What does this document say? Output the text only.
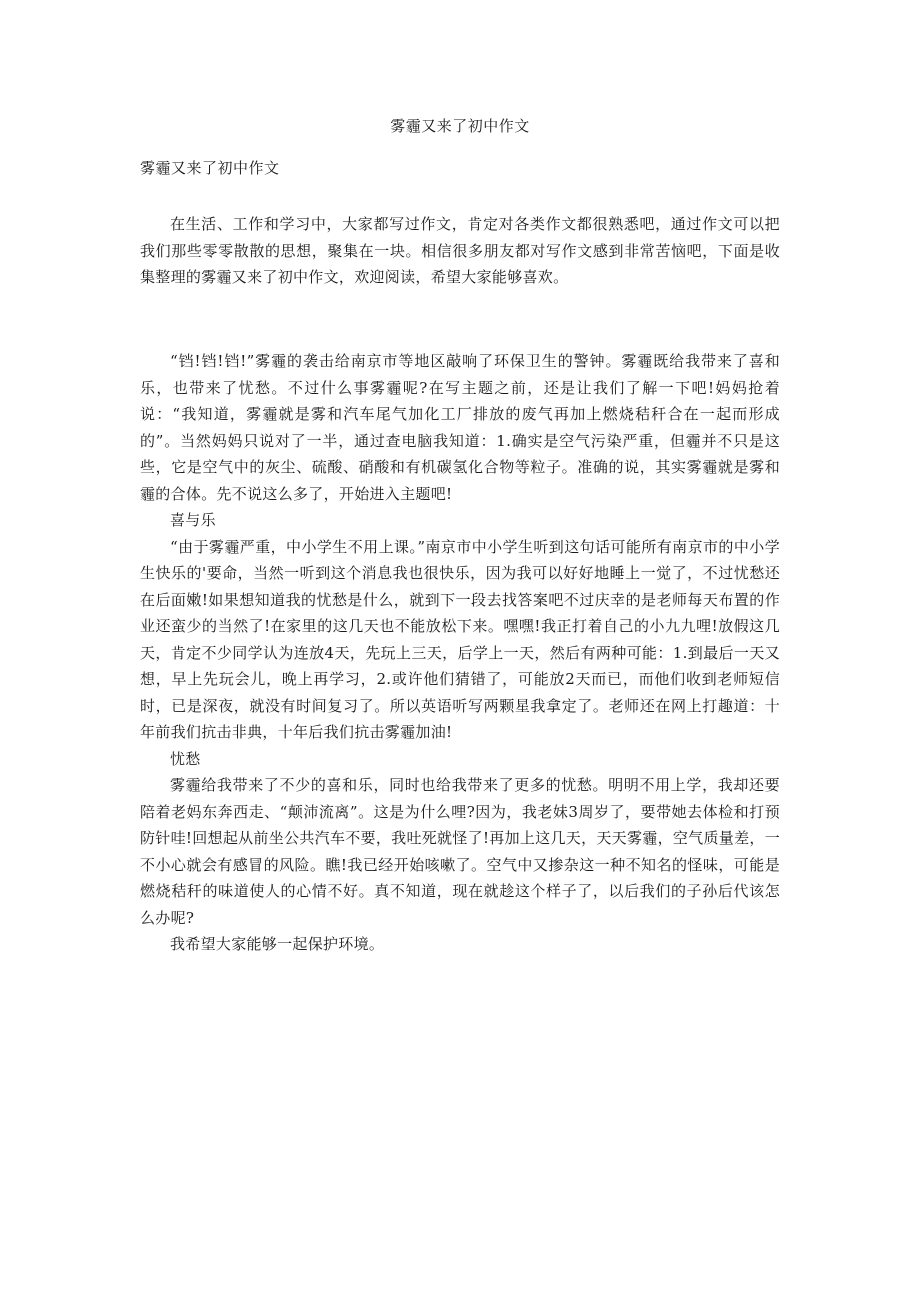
雾霾又来了初中作文
雾霾又来了初中作文

在生活、工作和学习中，大家都写过作文，肯定对各类作文都很熟悉吧，通过作文可以把我们那些零零散散的思想，聚集在一块。相信很多朋友都对写作文感到非常苦恼吧，下面是收集整理的雾霾又来了初中作文，欢迎阅读，希望大家能够喜欢。

“铛!铛!铛!”雾霾的袭击给南京市等地区敲响了环保卫生的警钟。雾霾既给我带来了喜和乐，也带来了忧愁。不过什么事雾霾呢?在写主题之前，还是让我们了解一下吧!妈妈抢着说：“我知道，雾霾就是雾和汽车尾气加化工厂排放的废气再加上燃烧秸秆合在一起而形成的”。当然妈妈只说对了一半，通过查电脑我知道：1.确实是空气污染严重，但霾并不只是这些，它是空气中的灰尘、硫酸、硝酸和有机碳氢化合物等粒子。准确的说，其实雾霾就是雾和霾的合体。先不说这么多了，开始进入主题吧!

喜与乐

“由于雾霾严重，中小学生不用上课。”南京市中小学生听到这句话可能所有南京市的中小学生快乐的'要命，当然一听到这个消息我也很快乐，因为我可以好好地睡上一觉了，不过忧愁还在后面嫩!如果想知道我的忧愁是什么，就到下一段去找答案吧不过庆幸的是老师每天布置的作业还蛮少的当然了!在家里的这几天也不能放松下来。嘿嘿!我正打着自己的小九九哩!放假这几天，肯定不少同学认为连放4天，先玩上三天，后学上一天，然后有两种可能：1.到最后一天又想，早上先玩会儿，晚上再学习，2.或许他们猜错了，可能放2天而已，而他们收到老师短信时，已是深夜，就没有时间复习了。所以英语听写两颗星我拿定了。老师还在网上打趣道：十年前我们抗击非典，十年后我们抗击雾霾加油!

忧愁

雾霾给我带来了不少的喜和乐，同时也给我带来了更多的忧愁。明明不用上学，我却还要陪着老妈东奔西走、“颠沛流离”。这是为什么哩?因为，我老妹3周岁了，要带她去体检和打预防针哇!回想起从前坐公共汽车不要，我吐死就怪了!再加上这几天，天天雾霾，空气质量差，一不小心就会有感冒的风险。瞧!我已经开始咳嗽了。空气中又掺杂这一种不知名的怪味，可能是燃烧秸秆的味道使人的心情不好。真不知道，现在就趁这个样子了，以后我们的子孙后代该怎么办呢?

我希望大家能够一起保护环境。
